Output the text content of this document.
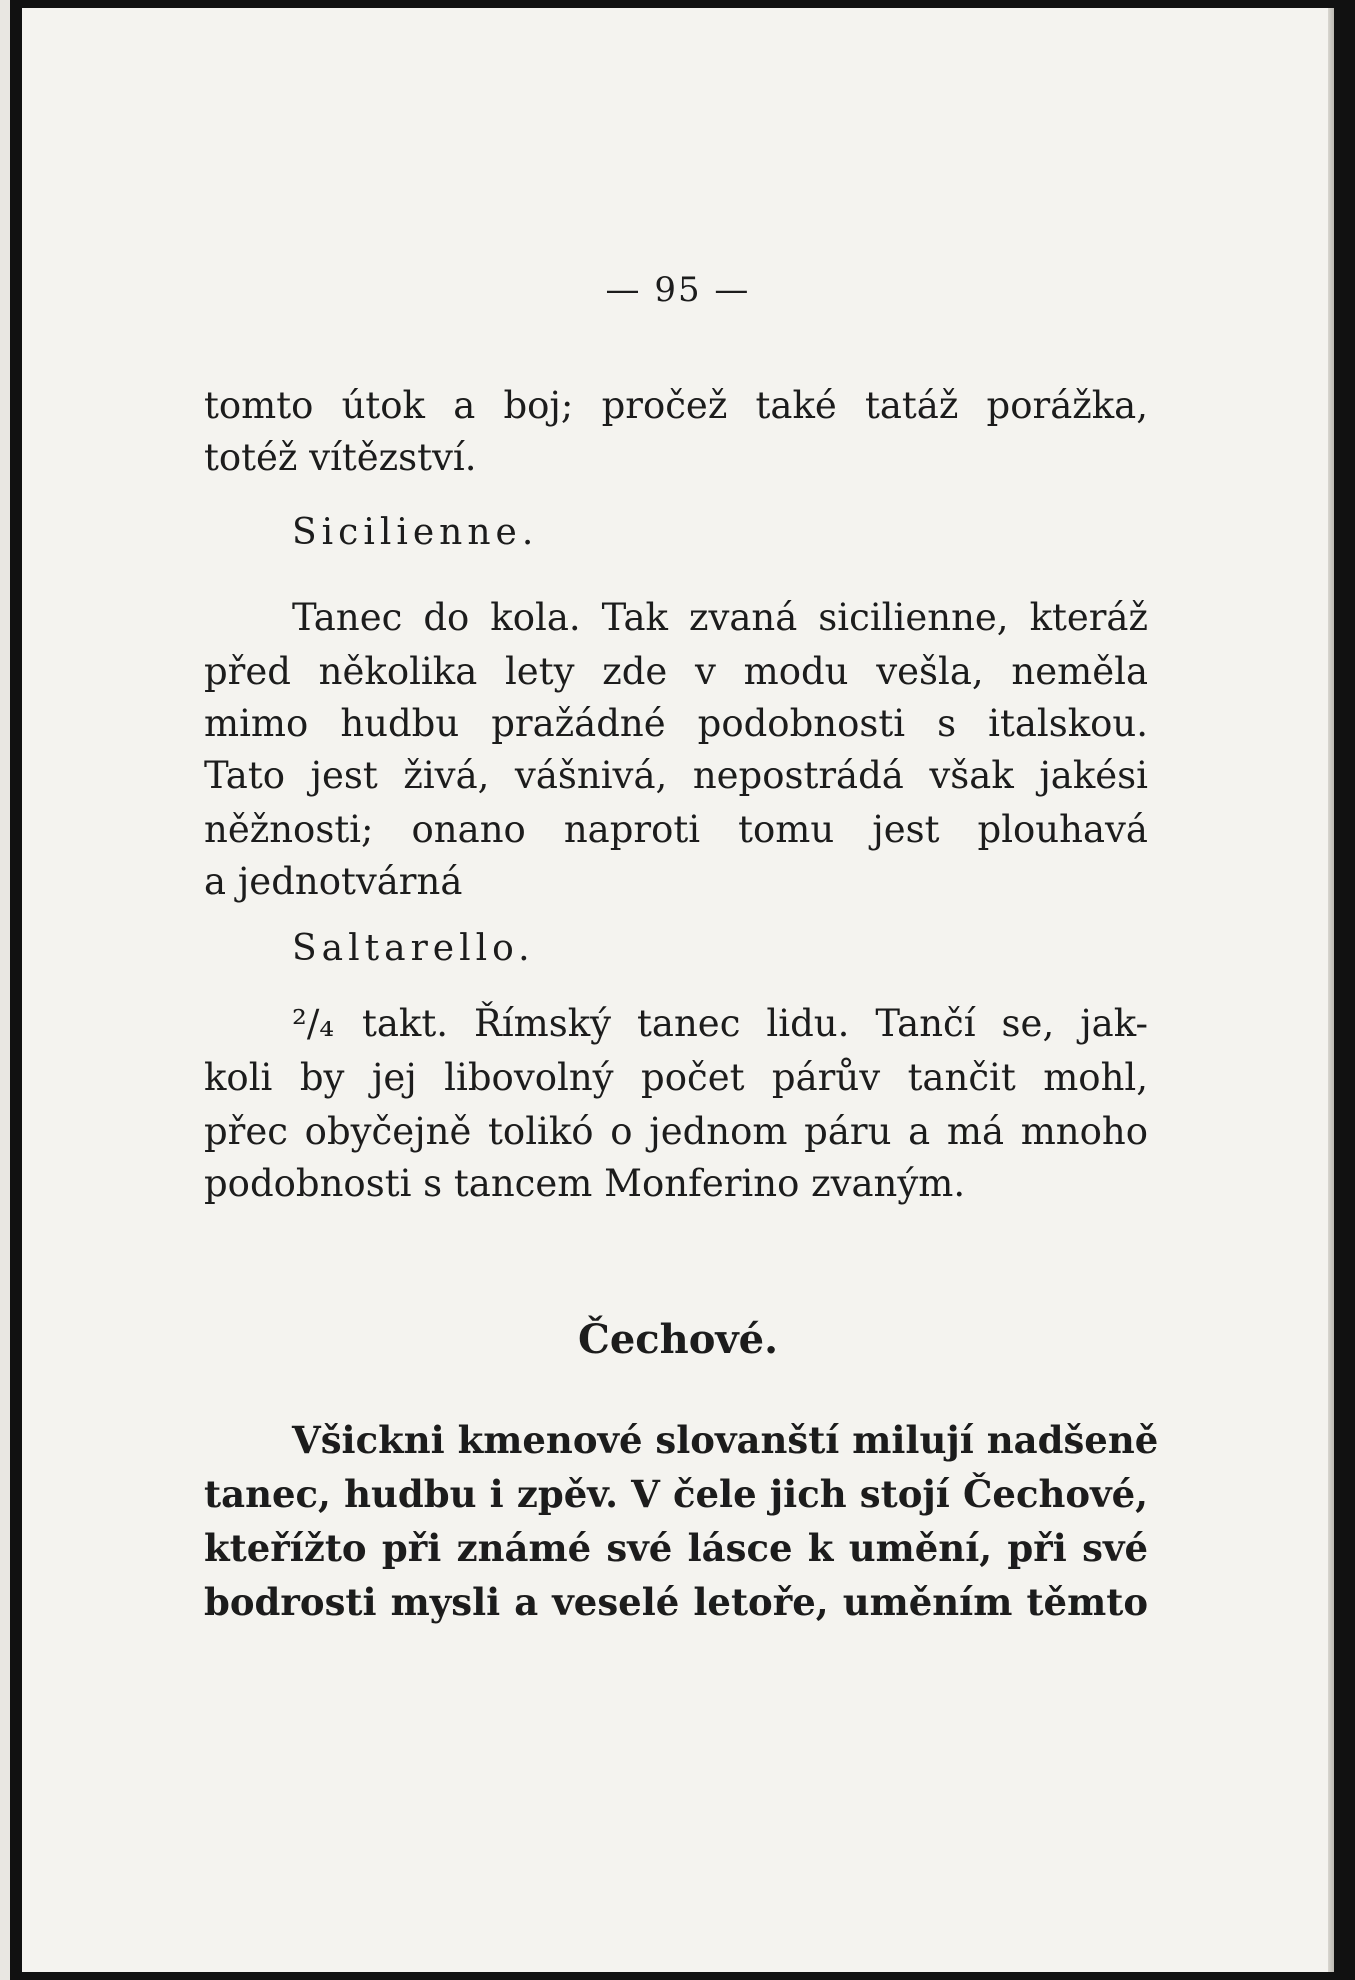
— 95 —
tomto útok a boj; pročež také tatáž porážka,
totéž vítězství.
Sicilienne.
Tanec do kola. Tak zvaná sicilienne, kteráž
před několika lety zde v modu vešla, neměla
mimo hudbu pražádné podobnosti s italskou.
Tato jest živá, vášnivá, nepostrádá však jakési
něžnosti; onano naproti tomu jest plouhavá
a jednotvárná
Saltarello.
²/₄ takt. Římský tanec lidu. Tančí se, jak-
koli by jej libovolný počet párův tančit mohl,
přec obyčejně tolikó o jednom páru a má mnoho
podobnosti s tancem Monferino zvaným.
Čechové.
Všickni kmenové slovanští milují nadšeně
tanec, hudbu i zpěv. V čele jich stojí Čechové,
kteřížto při známé své lásce k umění, při své
bodrosti mysli a veselé letoře, uměním těmto
